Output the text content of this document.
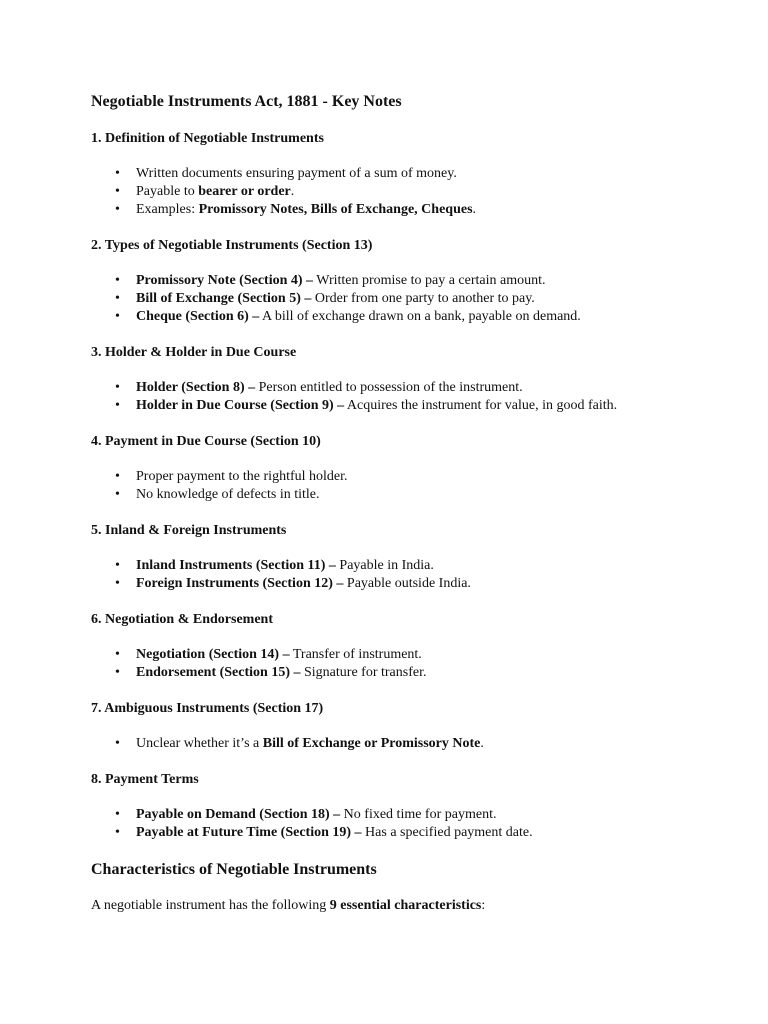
Negotiable Instruments Act, 1881 - Key Notes
1. Definition of Negotiable Instruments
• Written documents ensuring payment of a sum of money.
• Payable to bearer or order.
• Examples: Promissory Notes, Bills of Exchange, Cheques.
2. Types of Negotiable Instruments (Section 13)
• Promissory Note (Section 4) – Written promise to pay a certain amount.
• Bill of Exchange (Section 5) – Order from one party to another to pay.
• Cheque (Section 6) – A bill of exchange drawn on a bank, payable on demand.
3. Holder & Holder in Due Course
• Holder (Section 8) – Person entitled to possession of the instrument.
• Holder in Due Course (Section 9) – Acquires the instrument for value, in good faith.
4. Payment in Due Course (Section 10)
• Proper payment to the rightful holder.
• No knowledge of defects in title.
5. Inland & Foreign Instruments
• Inland Instruments (Section 11) – Payable in India.
• Foreign Instruments (Section 12) – Payable outside India.
6. Negotiation & Endorsement
• Negotiation (Section 14) – Transfer of instrument.
• Endorsement (Section 15) – Signature for transfer.
7. Ambiguous Instruments (Section 17)
• Unclear whether it’s a Bill of Exchange or Promissory Note.
8. Payment Terms
• Payable on Demand (Section 18) – No fixed time for payment.
• Payable at Future Time (Section 19) – Has a specified payment date.
Characteristics of Negotiable Instruments

A negotiable instrument has the following 9 essential characteristics:
